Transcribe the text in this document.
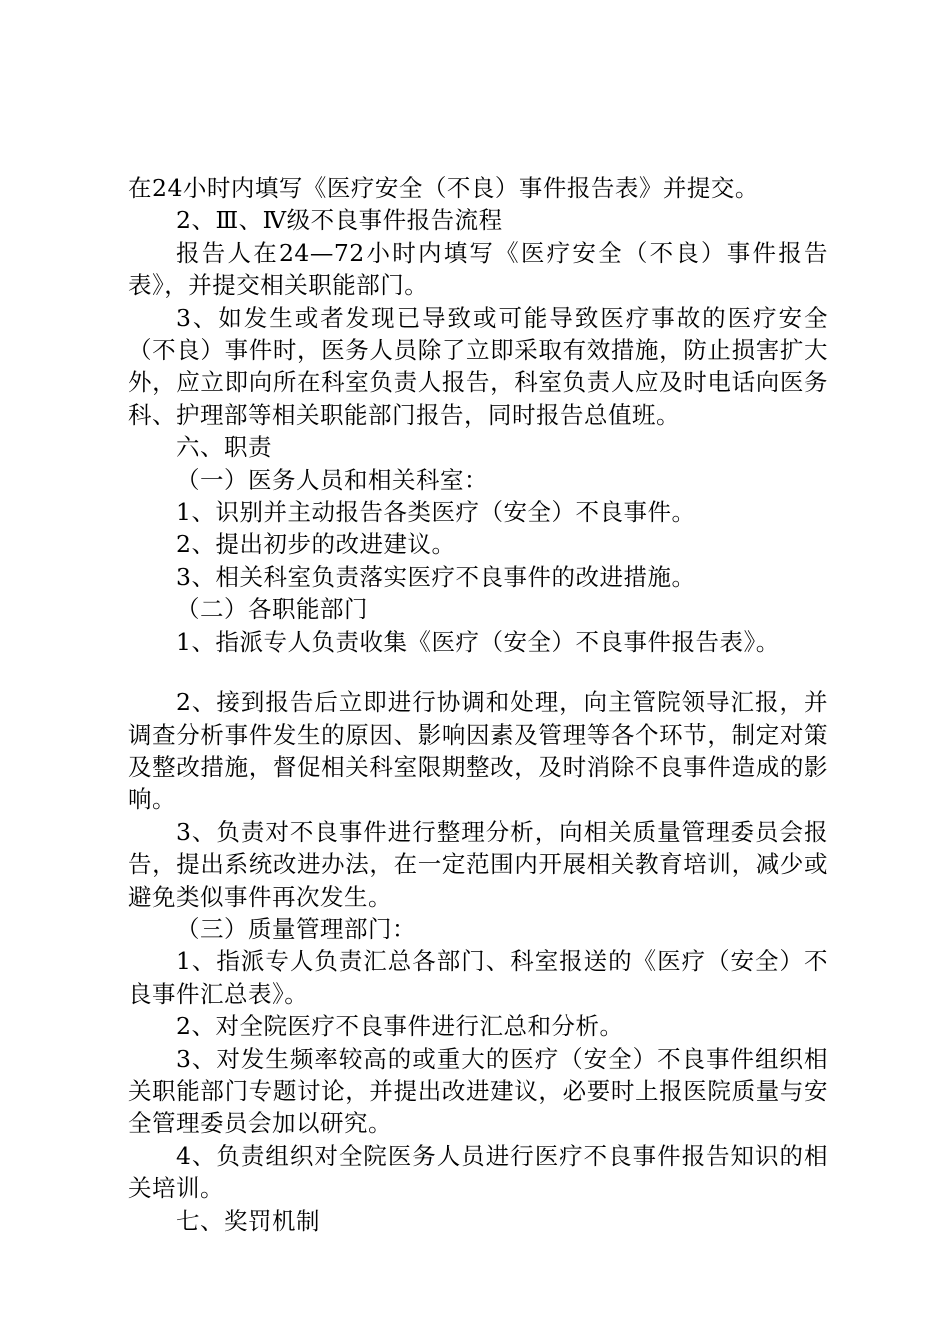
在24小时内填写《医疗安全（不良）事件报告表》并提交。

2、Ⅲ、Ⅳ级不良事件报告流程

报告人在24—72小时内填写《医疗安全（不良）事件报告表》，并提交相关职能部门。

3、如发生或者发现已导致或可能导致医疗事故的医疗安全（不良）事件时，医务人员除了立即采取有效措施，防止损害扩大外，应立即向所在科室负责人报告，科室负责人应及时电话向医务科、护理部等相关职能部门报告，同时报告总值班。

六、职责

（一）医务人员和相关科室：

1、识别并主动报告各类医疗（安全）不良事件。

2、提出初步的改进建议。

3、相关科室负责落实医疗不良事件的改进措施。

（二）各职能部门

1、指派专人负责收集《医疗（安全）不良事件报告表》。

2、接到报告后立即进行协调和处理，向主管院领导汇报，并调查分析事件发生的原因、影响因素及管理等各个环节，制定对策及整改措施，督促相关科室限期整改，及时消除不良事件造成的影响。

3、负责对不良事件进行整理分析，向相关质量管理委员会报告，提出系统改进办法，在一定范围内开展相关教育培训，减少或避免类似事件再次发生。

（三）质量管理部门：

1、指派专人负责汇总各部门、科室报送的《医疗（安全）不良事件汇总表》。

2、对全院医疗不良事件进行汇总和分析。

3、对发生频率较高的或重大的医疗（安全）不良事件组织相关职能部门专题讨论，并提出改进建议，必要时上报医院质量与安全管理委员会加以研究。

4、负责组织对全院医务人员进行医疗不良事件报告知识的相关培训。

七、奖罚机制
